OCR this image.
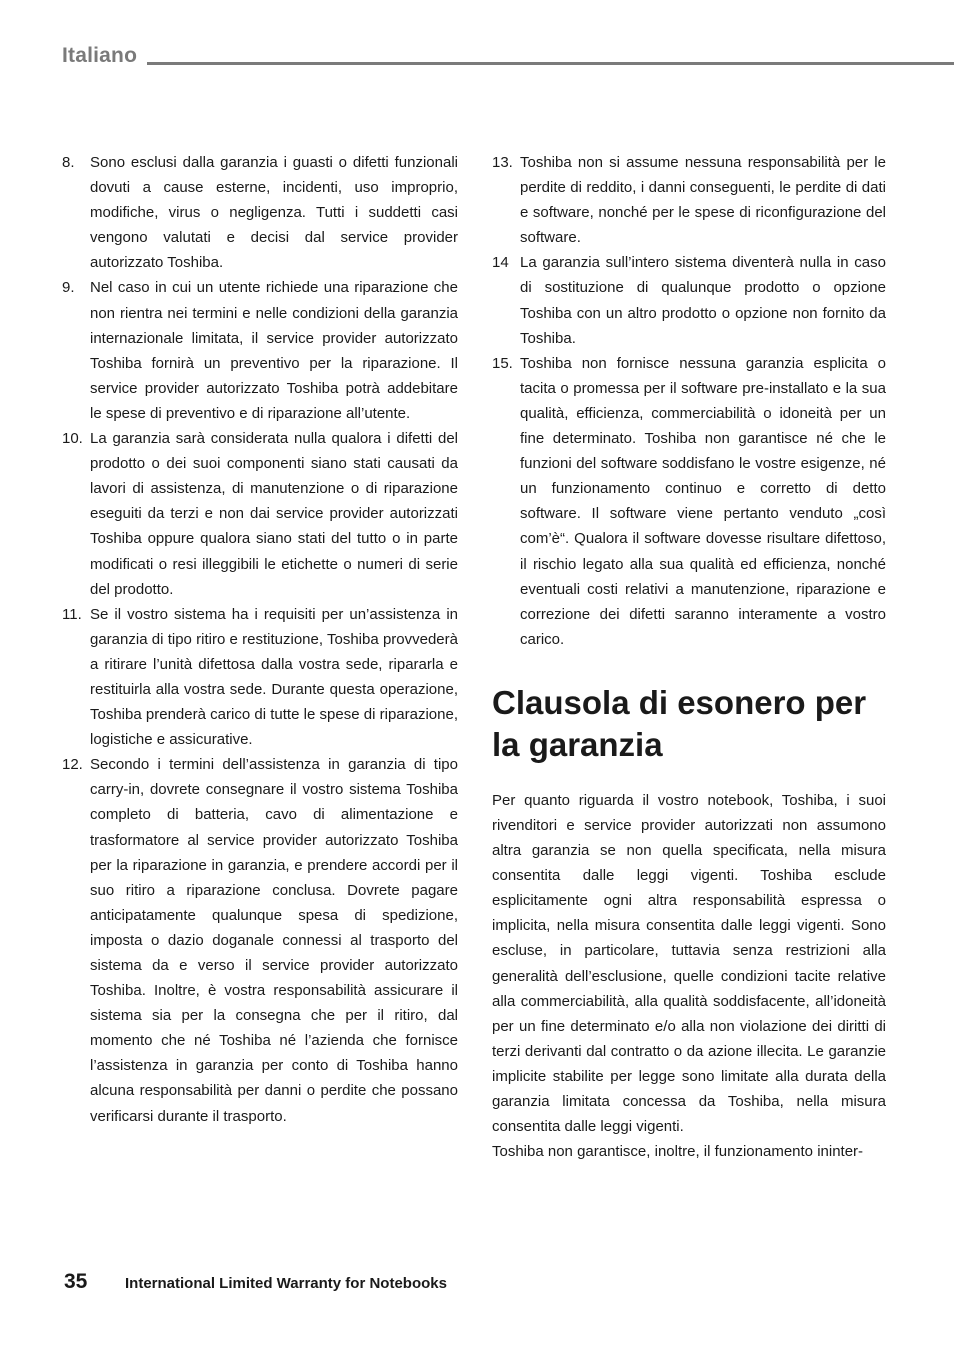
Italiano
8. Sono esclusi dalla garanzia i guasti o difetti funzionali dovuti a cause esterne, incidenti, uso improprio, modifiche, virus o negligenza. Tutti i suddetti casi vengono valutati e decisi dal service provider autorizzato Toshiba.
9. Nel caso in cui un utente richiede una riparazione che non rientra nei termini e nelle condizioni della garanzia internazionale limitata, il service provider autorizzato Toshiba fornirà un preventivo per la riparazione. Il service provider autorizzato Toshiba potrà addebitare le spese di preventivo e di riparazione all’utente.
10. La garanzia sarà considerata nulla qualora i difetti del prodotto o dei suoi componenti siano stati causati da lavori di assistenza, di manutenzione o di riparazione eseguiti da terzi e non dai service provider autorizzati Toshiba oppure qualora siano stati del tutto o in parte modificati o resi illeggibili le etichette o numeri di serie del prodotto.
11. Se il vostro sistema ha i requisiti per un’assistenza in garanzia di tipo ritiro e restituzione, Toshiba provvederà a ritirare l’unità difettosa dalla vostra sede, ripararla e restituirla alla vostra sede. Durante questa operazione, Toshiba prenderà carico di tutte le spese di riparazione, logistiche e assicurative.
12. Secondo i termini dell’assistenza in garanzia di tipo carry-in, dovrete consegnare il vostro sistema Toshiba completo di batteria, cavo di alimentazione e trasformatore al service provider autorizzato Toshiba per la riparazione in garanzia, e prendere accordi per il suo ritiro a riparazione conclusa. Dovrete pagare anticipatamente qualunque spesa di spedizione, imposta o dazio doganale connessi al trasporto del sistema da e verso il service provider autorizzato Toshiba. Inoltre, è vostra responsabilità assicurare il sistema sia per la consegna che per il ritiro, dal momento che né Toshiba né l’azienda che fornisce l’assistenza in garanzia per conto di Toshiba hanno alcuna responsabilità per danni o perdite che possano verificarsi durante il trasporto.
13. Toshiba non si assume nessuna responsabilità per le perdite di reddito, i danni conseguenti, le perdite di dati e software, nonché per le spese di riconfigurazione del software.
14 La garanzia sull’intero sistema diventerà nulla in caso di sostituzione di qualunque prodotto o opzione Toshiba con un altro prodotto o opzione non fornito da Toshiba.
15. Toshiba non fornisce nessuna garanzia esplicita o tacita o promessa per il software pre-installato e la sua qualità, efficienza, commerciabilità o idoneità per un fine determinato. Toshiba non garantisce né che le funzioni del software soddisfano le vostre esigenze, né un funzionamento continuo e corretto di detto software. Il software viene pertanto venduto „così com’è“. Qualora il software dovesse risultare difettoso, il rischio legato alla sua qualità ed efficienza, nonché eventuali costi relativi a manutenzione, riparazione e correzione dei difetti saranno interamente a vostro carico.
Clausola di esonero per la garanzia

Per quanto riguarda il vostro notebook, Toshiba, i suoi rivenditori e service provider autorizzati non assumono altra garanzia se non quella specificata, nella misura consentita dalle leggi vigenti. Toshiba esclude esplicitamente ogni altra responsabilità espressa o implicita, nella misura consentita dalle leggi vigenti. Sono escluse, in particolare, tuttavia senza restrizioni alla generalità dell’esclusione, quelle condizioni tacite relative alla commerciabilità, alla qualità soddisfacente, all’idoneità per un fine determinato e/o alla non violazione dei diritti di terzi derivanti dal contratto o da azione illecita. Le garanzie implicite stabilite per legge sono limitate alla durata della garanzia limitata concessa da Toshiba, nella misura consentita dalle leggi vigenti.

Toshiba non garantisce, inoltre, il funzionamento ininter-

35	International Limited Warranty for Notebooks
